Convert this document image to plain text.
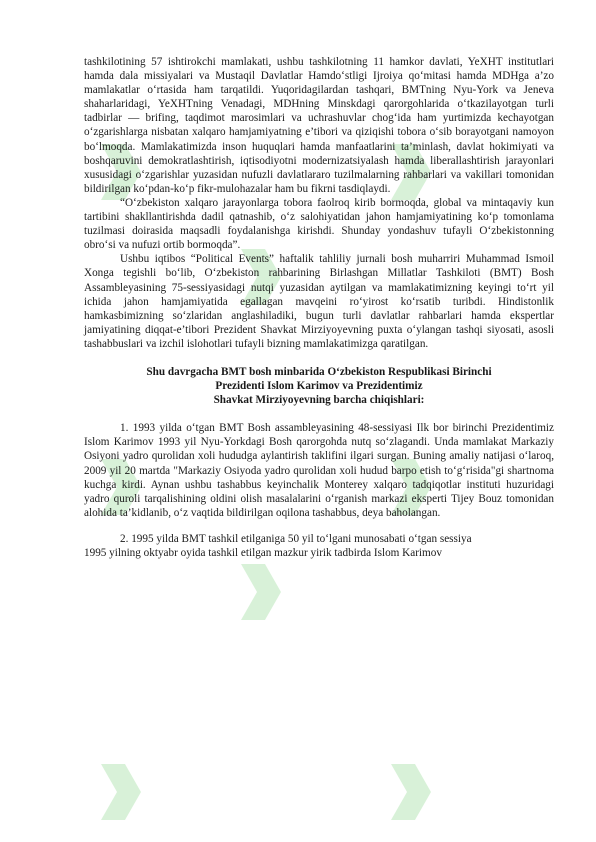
tashkilotining 57 ishtirokchi mamlakati, ushbu tashkilotning 11 hamkor davlati, YeXHT institutlari hamda dala missiyalari va Mustaqil Davlatlar Hamdo‘stligi Ijroiya qo‘mitasi hamda MDHga a’zo mamlakatlar o‘rtasida ham tarqatildi. Yuqoridagilardan tashqari, BMTning Nyu-York va Jeneva shaharlaridagi, YeXHTning Venadagi, MDHning Minskdagi qarorgohlarida o‘tkazilayotgan turli tadbirlar — brifing, taqdimot marosimlari va uchrashuvlar chog‘ida ham yurtimizda kechayotgan o‘zgarishlarga nisbatan xalqaro hamjamiyatning e’tibori va qiziqishi tobora o‘sib borayotgani namoyon bo‘lmoqda. Mamlakatimizda inson huquqlari hamda manfaatlarini ta’minlash, davlat hokimiyati va boshqaruvini demokratlashtirish, iqtisodiyotni modernizatsiyalash hamda liberallashtirish jarayonlari xususidagi o‘zgarishlar yuzasidan nufuzli davlatlararo tuzilmalarning rahbarlari va vakillari tomonidan bildirilgan ko‘pdan-ko‘p fikr-mulohazalar ham bu fikrni tasdiqlaydi.

“O‘zbekiston xalqaro jarayonlarga tobora faolroq kirib bormoqda, global va mintaqaviy kun tartibini shakllantirishda dadil qatnashib, o‘z salohiyatidan jahon hamjamiyatining ko‘p tomonlama tuzilmasi doirasida maqsadli foydalanishga kirishdi. Shunday yondashuv tufayli O‘zbekistonning obro‘si va nufuzi ortib bormoqda”.

Ushbu iqtibos “Political Events” haftalik tahliliy jurnali bosh muharriri Muhammad Ismoil Xonga tegishli bo‘lib, O‘zbekiston rahbarining Birlashgan Millatlar Tashkiloti (BMT) Bosh Assambleyasining 75-sessiyasidagi nutqi yuzasidan aytilgan va mamlakatimizning keyingi to‘rt yil ichida jahon hamjamiyatida egallagan mavqeini ro‘yirost ko‘rsatib turibdi. Hindistonlik hamkasbimizning so‘zlaridan anglashiladiki, bugun turli davlatlar rahbarlari hamda ekspertlar jamiyatining diqqat-e’tibori Prezident Shavkat Mirziyoyevning puxta o‘ylangan tashqi siyosati, asosli tashabbuslari va izchil islohotlari tufayli bizning mamlakatimizga qaratilgan.

Shu davrgacha BMT bosh minbarida O‘zbekiston Respublikasi Birinchi
Prezidenti Islom Karimov va Prezidentimiz
Shavkat Mirziyoyevning barcha chiqishlari:

1. 1993 yilda o‘tgan BMT Bosh assambleyasining 48-sessiyasi Ilk bor birinchi Prezidentimiz Islom Karimov 1993 yil Nyu-Yorkdagi Bosh qarorgohda nutq so‘zlagandi. Unda mamlakat Markaziy Osiyoni yadro qurolidan xoli hududga aylantirish taklifini ilgari surgan. Buning amaliy natijasi o‘laroq, 2009 yil 20 martda "Markaziy Osiyoda yadro qurolidan xoli hudud barpo etish to‘g‘risida"gi shartnoma kuchga kirdi. Aynan ushbu tashabbus keyinchalik Monterey xalqaro tadqiqotlar instituti huzuridagi yadro quroli tarqalishining oldini olish masalalarini o‘rganish markazi eksperti Tijey Bouz tomonidan alohida ta’kidlanib, o‘z vaqtida bildirilgan oqilona tashabbus, deya baholangan.

2. 1995 yilda BMT tashkil etilganiga 50 yil to‘lgani munosabati o‘tgan sessiya

1995 yilning oktyabr oyida tashkil etilgan mazkur yirik tadbirda Islom Karimov
